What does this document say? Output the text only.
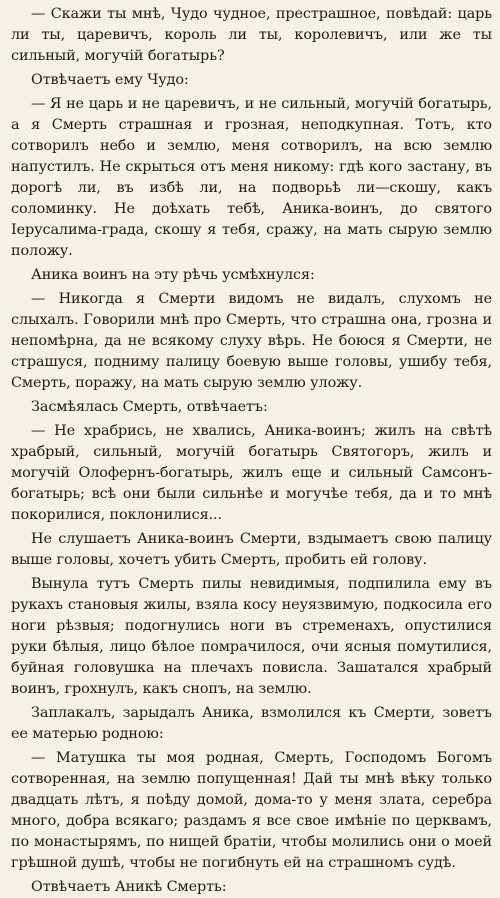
— Скажи ты мнѣ, Чудо чудное, престрашное, повѣдай: царь ли ты, царевичъ, король ли ты, королевичъ, или же ты сильный, могучій богатырь?

Отвѣчаетъ ему Чудо:

— Я не царь и не царевичъ, и не сильный, могучій богатырь, а я Смерть страшная и грозная, неподкупная. Тотъ, кто сотворилъ небо и землю, меня сотворилъ, на всю землю напустилъ. Не скрыться отъ меня никому: гдѣ кого застану, въ дорогѣ ли, въ избѣ ли, на подворьѣ ли—скошу, какъ соломинку. Не доѣхать тебѣ, Аника-воинъ, до святого Іерусалима-града, скошу я тебя, сражу, на мать сырую землю положу.

Аника воинъ на эту рѣчь усмѣхнулся:

— Никогда я Смерти видомъ не видалъ, слухомъ не слыхалъ. Говорили мнѣ про Смерть, что страшна она, грозна и непомѣрна, да не всякому слуху вѣрь. Не боюся я Смерти, не страшуся, подниму палицу боевую выше головы, ушибу тебя, Смерть, поражу, на мать сырую землю уложу.

Засмѣялась Смерть, отвѣчаетъ:

— Не храбрись, не хвались, Аника-воинъ; жилъ на свѣтѣ храбрый, сильный, могучій богатырь Святогоръ, жилъ и могучій Олофернъ-богатырь, жилъ еще и сильный Самсонъ-богатырь; всѣ они были сильнѣе и могучѣе тебя, да и то мнѣ покорилися, поклонилися...

Не слушаетъ Аника-воинъ Смерти, вздымаетъ свою палицу выше головы, хочетъ убить Смерть, пробить ей голову.

Вынула тутъ Смерть пилы невидимыя, подпилила ему въ рукахъ становыя жилы, взяла косу неуязвимую, подкосила его ноги рѣзвыя; подогнулись ноги въ стременахъ, опустилися руки бѣлыя, лицо бѣлое помрачилося, очи ясныя помутилися, буйная головушка на плечахъ повисла. Зашатался храбрый воинъ, грохнулъ, какъ снопъ, на землю.

Заплакалъ, зарыдалъ Аника, взмолился къ Смерти, зоветъ ее матерью родною:

— Матушка ты моя родная, Смерть, Господомъ Богомъ сотворенная, на землю попущенная! Дай ты мнѣ вѣку только двадцать лѣтъ, я поѣду домой, дома-то у меня злата, серебра много, добра всякаго; раздамъ я все свое имѣніе по церквамъ, по монастырямъ, по нищей братіи, чтобы молились они о моей грѣшной душѣ, чтобы не погибнуть ей на страшномъ судѣ.

Отвѣчаетъ Аникѣ Смерть:
